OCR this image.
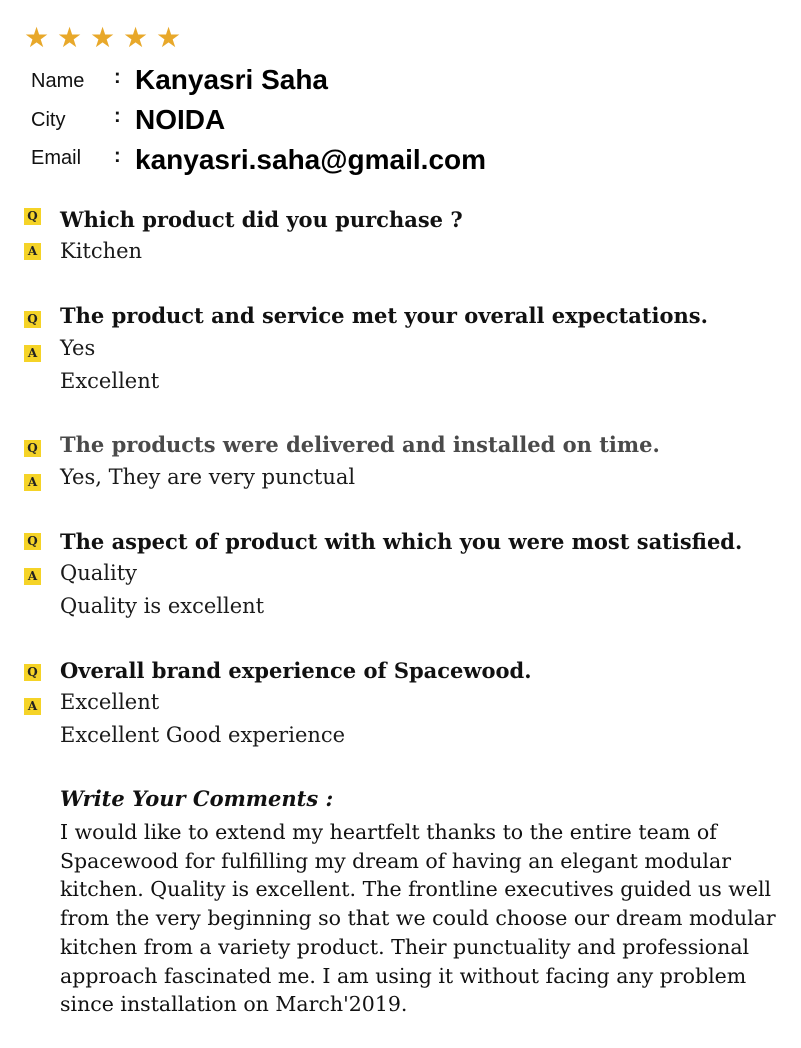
★ ★ ★ ★ ★
Name : Kanyasri Saha
City : NOIDA
Email : kanyasri.saha@gmail.com
Q Which product did you purchase ?
A Kitchen
Q The product and service met your overall expectations.
A Yes
Excellent
Q The products were delivered and installed on time.
A Yes, They are very punctual
Q The aspect of product with which you were most satisfied.
A Quality
Quality is excellent
Q Overall brand experience of Spacewood.
A Excellent
Excellent Good experience
Write Your Comments :
I would like to extend my heartfelt thanks to the entire team of Spacewood for fulfilling my dream of having an elegant modular kitchen. Quality is excellent. The frontline executives guided us well from the very beginning so that we could choose our dream modular kitchen from a variety product. Their punctuality and professional approach fascinated me. I am using it without facing any problem since installation on March'2019.
